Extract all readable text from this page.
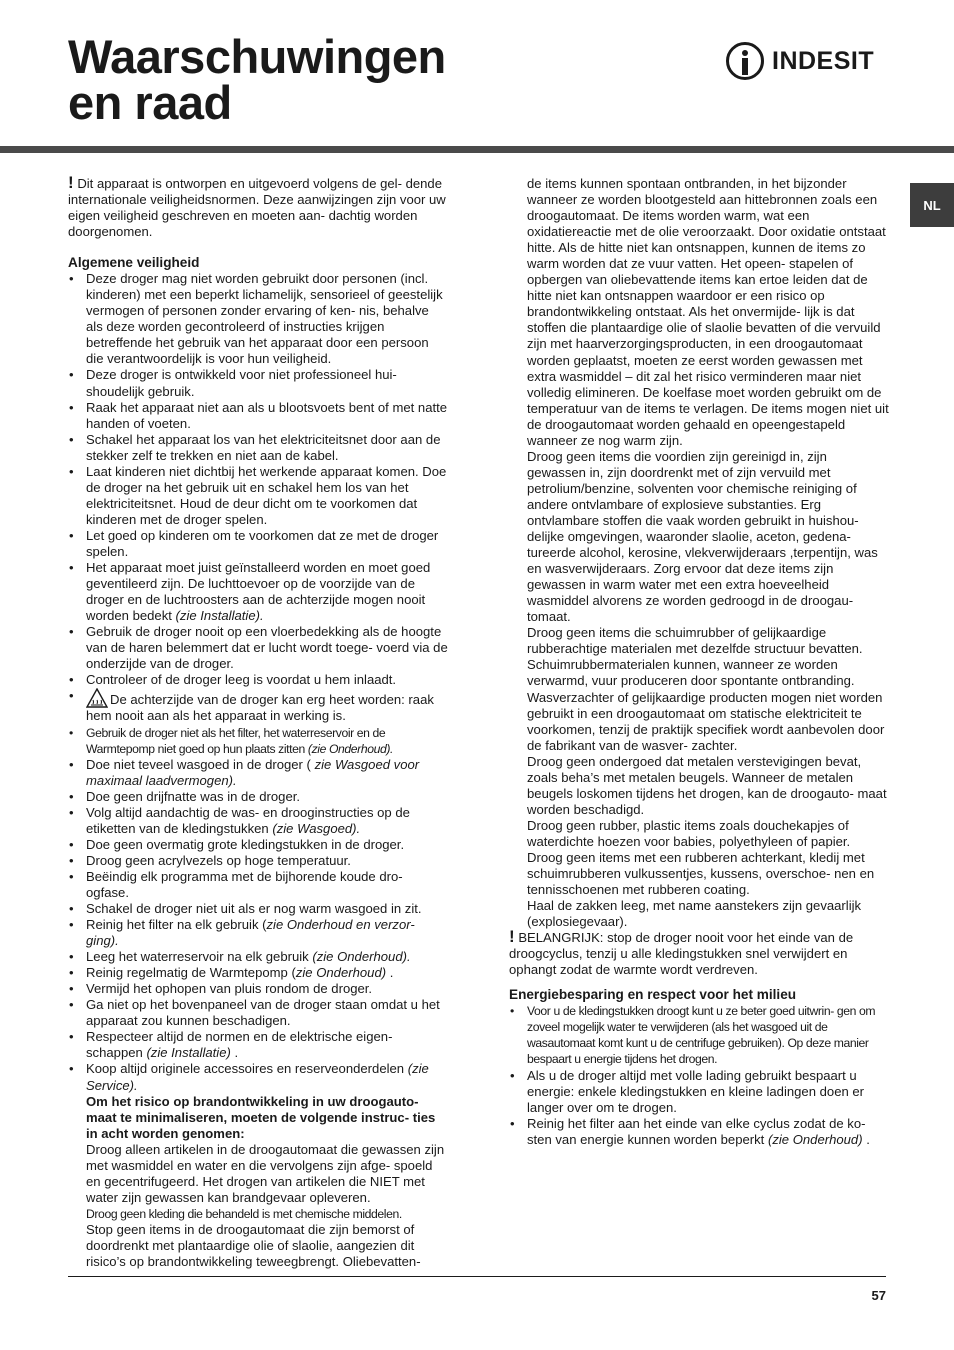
Waarschuwingen
en raad
INDESIT
NL

! Dit apparaat is ontworpen en uitgevoerd volgens de gel- dende internationale veiligheidsnormen. Deze aanwijzingen zijn voor uw eigen veiligheid geschreven en moeten aan- dachtig worden doorgenomen.

Algemene veiligheid
• Deze droger mag niet worden gebruikt door personen (incl. kinderen) met een beperkt lichamelijk, sensorieel of geestelijk vermogen of personen zonder ervaring of ken- nis, behalve als deze worden gecontroleerd of instructies krijgen betreffende het gebruik van het apparaat door een persoon die verantwoordelijk is voor hun veiligheid.
• Deze droger is ontwikkeld voor niet professioneel hui- shoudelijk gebruik.
• Raak het apparaat niet aan als u blootsvoets bent of met natte handen of voeten.
• Schakel het apparaat los van het elektriciteitsnet door aan de stekker zelf te trekken en niet aan de kabel.
• Laat kinderen niet dichtbij het werkende apparaat komen. Doe de droger na het gebruik uit en schakel hem los van het elektriciteitsnet. Houd de deur dicht om te voorkomen dat kinderen met de droger spelen.
• Let goed op kinderen om te voorkomen dat ze met de droger spelen.
• Het apparaat moet juist geïnstalleerd worden en moet goed geventileerd zijn. De luchttoevoer op de voorzijde van de droger en de luchtroosters aan de achterzijde mogen nooit worden bedekt (zie Installatie).
• Gebruik de droger nooit op een vloerbedekking als de hoogte van de haren belemmert dat er lucht wordt toege- voerd via de onderzijde van de droger.
• Controleer of de droger leeg is voordat u hem inlaadt.
• De achterzijde van de droger kan erg heet worden: raak hem nooit aan als het apparaat in werking is.
• Gebruik de droger niet als het filter, het waterreservoir en de Warmtepomp niet goed op hun plaats zitten (zie Onderhoud).
• Doe niet teveel wasgoed in de droger ( zie Wasgoed voor maximaal laadvermogen).
• Doe geen drijfnatte was in de droger.
• Volg altijd aandachtig de was- en drooginstructies op de etiketten van de kledingstukken (zie Wasgoed).
• Doe geen overmatig grote kledingstukken in de droger.
• Droog geen acrylvezels op hoge temperatuur.
• Beëindig elk programma met de bijhorende koude dro- ogfase.
• Schakel de droger niet uit als er nog warm wasgoed in zit.
• Reinig het filter na elk gebruik (zie Onderhoud en verzor- ging).
• Leeg het waterreservoir na elk gebruik (zie Onderhoud).
• Reinig regelmatig de Warmtepomp (zie Onderhoud) .
• Vermijd het ophopen van pluis rondom de droger.
• Ga niet op het bovenpaneel van de droger staan omdat u het apparaat zou kunnen beschadigen.
• Respecteer altijd de normen en de elektrische eigen- schappen (zie Installatie) .
• Koop altijd originele accessoires en reserveonderdelen (zie Service).

Om het risico op brandontwikkeling in uw droogauto- maat te minimaliseren, moeten de volgende instruc- ties in acht worden genomen:

Droog alleen artikelen in de droogautomaat die gewassen zijn met wasmiddel en water en die vervolgens zijn afge- spoeld en gecentrifugeerd. Het drogen van artikelen die NIET met water zijn gewassen kan brandgevaar opleveren.

Droog geen kleding die behandeld is met chemische middelen.

Stop geen items in de droogautomaat die zijn bemorst of doordrenkt met plantaardige olie of slaolie, aangezien dit risico’s op brandontwikkeling teweegbrengt. Oliebevatten-

de items kunnen spontaan ontbranden, in het bijzonder wanneer ze worden blootgesteld aan hittebronnen zoals een droogautomaat. De items worden warm, wat een oxidatiereactie met de olie veroorzaakt. Door oxidatie ontstaat hitte. Als de hitte niet kan ontsnappen, kunnen de items zo warm worden dat ze vuur vatten. Het opeen- stapelen of opbergen van oliebevattende items kan ertoe leiden dat de hitte niet kan ontsnappen waardoor er een risico op brandontwikkeling ontstaat. Als het onvermijde- lijk is dat stoffen die plantaardige olie of slaolie bevatten of die vervuild zijn met haarverzorgingsproducten, in een droogautomaat worden geplaatst, moeten ze eerst worden gewassen met extra wasmiddel – dit zal het risico verminderen maar niet volledig elimineren. De koelfase moet worden gebruikt om de temperatuur van de items te verlagen. De items mogen niet uit de droogautomaat worden gehaald en opeengestapeld wanneer ze nog warm zijn.

Droog geen items die voordien zijn gereinigd in, zijn gewassen in, zijn doordrenkt met of zijn vervuild met petrolium/benzine, solventen voor chemische reiniging of andere ontvlambare of explosieve substanties. Erg ontvlambare stoffen die vaak worden gebruikt in huishou- delijke omgevingen, waaronder slaolie, aceton, gedena- tureerde alcohol, kerosine, vlekverwijderaars ,terpentijn, was en wasverwijderaars. Zorg ervoor dat deze items zijn gewassen in warm water met een extra hoeveelheid wasmiddel alvorens ze worden gedroogd in de droogau- tomaat.

Droog geen items die schuimrubber of gelijkaardige rubberachtige materialen met dezelfde structuur bevatten. Schuimrubbermaterialen kunnen, wanneer ze worden verwarmd, vuur produceren door spontante ontbranding.

Wasverzachter of gelijkaardige producten mogen niet worden gebruikt in een droogautomaat om statische elektriciteit te voorkomen, tenzij de praktijk specifiek wordt aanbevolen door de fabrikant van de wasver- zachter.

Droog geen ondergoed dat metalen verstevigingen bevat, zoals beha’s met metalen beugels. Wanneer de metalen beugels loskomen tijdens het drogen, kan de droogauto- maat worden beschadigd.

Droog geen rubber, plastic items zoals douchekapjes of waterdichte hoezen voor babies, polyethyleen of papier.

Droog geen items met een rubberen achterkant, kledij met schuimrubberen vulkussentjes, kussens, overschoe- nen en tennisschoenen met rubberen coating.

Haal de zakken leeg, met name aanstekers zijn gevaarlijk (explosiegevaar).

! BELANGRIJK: stop de droger nooit voor het einde van de droogcyclus, tenzij u alle kledingstukken snel verwijdert en ophangt zodat de warmte wordt verdreven.

Energiebesparing en respect voor het milieu
• Voor u de kledingstukken droogt kunt u ze beter goed uitwrin- gen om zoveel mogelijk water te verwijderen (als het wasgoed uit de wasautomaat komt kunt u de centrifuge gebruiken). Op deze manier bespaart u energie tijdens het drogen.
• Als u de droger altijd met volle lading gebruikt bespaart u energie: enkele kledingstukken en kleine ladingen doen er langer over om te drogen.
• Reinig het filter aan het einde van elke cyclus zodat de ko- sten van energie kunnen worden beperkt (zie Onderhoud) .
57
